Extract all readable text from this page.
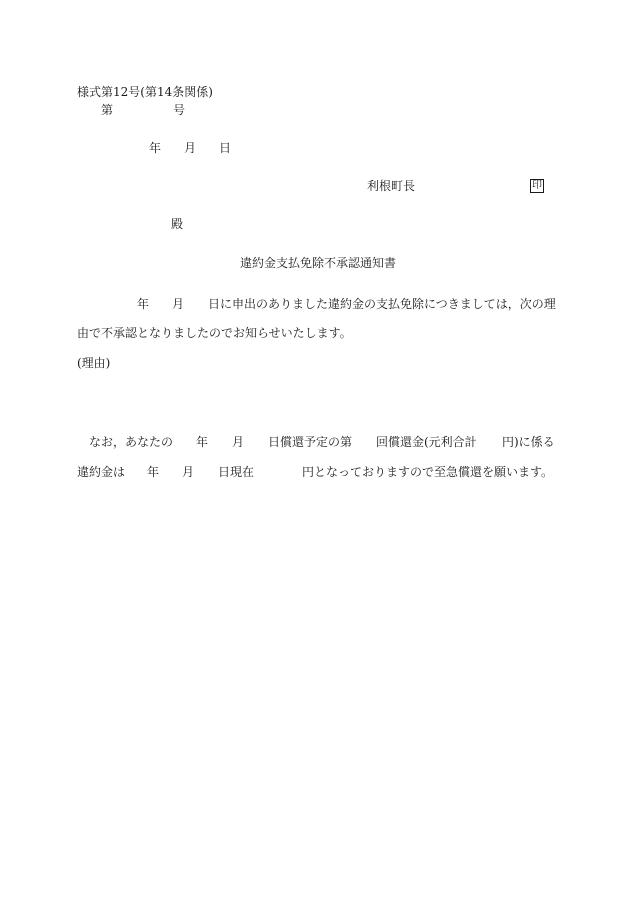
様式第12号(第14条関係)
第	号
年 月 日
利根町長	印
殿
違約金支払免除不承認通知書
年 月 日に申出のありました違約金の支払免除につきましては，次の理
由で不承認となりましたのでお知らせいたします。
(理由)
なお，あなたの 年 月 日償還予定の第 回償還金(元利合計 円)に係る
違約金は 年 月 日現在	円となっておりますので至急償還を願います。
